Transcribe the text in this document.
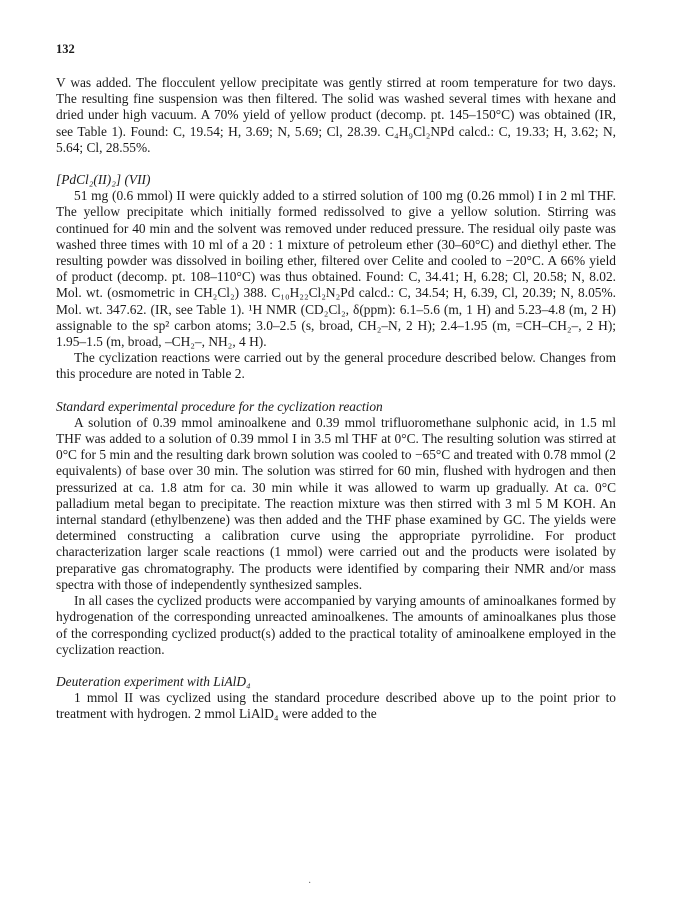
132

V was added. The flocculent yellow precipitate was gently stirred at room temperature for two days. The resulting fine suspension was then filtered. The solid was washed several times with hexane and dried under high vacuum. A 70% yield of yellow product (decomp. pt. 145–150°C) was obtained (IR, see Table 1). Found: C, 19.54; H, 3.69; N, 5.69; Cl, 28.39. C₄H₉Cl₂NPd calcd.: C, 19.33; H, 3.62; N, 5.64; Cl, 28.55%.

[PdCl₂(II)₂] (VII)

51 mg (0.6 mmol) II were quickly added to a stirred solution of 100 mg (0.26 mmol) I in 2 ml THF. The yellow precipitate which initially formed redissolved to give a yellow solution. Stirring was continued for 40 min and the solvent was removed under reduced pressure. The residual oily paste was washed three times with 10 ml of a 20 : 1 mixture of petroleum ether (30–60°C) and diethyl ether. The resulting powder was dissolved in boiling ether, filtered over Celite and cooled to −20°C. A 66% yield of product (decomp. pt. 108–110°C) was thus obtained. Found: C, 34.41; H, 6.28; Cl, 20.58; N, 8.02. Mol. wt. (osmometric in CH₂Cl₂) 388. C₁₀H₂₂Cl₂N₂Pd calcd.: C, 34.54; H, 6.39, Cl, 20.39; N, 8.05%. Mol. wt. 347.62. (IR, see Table 1). ¹H NMR (CD₂Cl₂, δ(ppm): 6.1–5.6 (m, 1 H) and 5.23–4.8 (m, 2 H) assignable to the sp² carbon atoms; 3.0–2.5 (s, broad, CH₂–N, 2 H); 2.4–1.95 (m, =CH–CH₂–, 2 H); 1.95–1.5 (m, broad, –CH₂–, NH₂, 4 H).

The cyclization reactions were carried out by the general procedure described below. Changes from this procedure are noted in Table 2.

Standard experimental procedure for the cyclization reaction

A solution of 0.39 mmol aminoalkene and 0.39 mmol trifluoromethane sulphonic acid, in 1.5 ml THF was added to a solution of 0.39 mmol I in 3.5 ml THF at 0°C. The resulting solution was stirred at 0°C for 5 min and the resulting dark brown solution was cooled to −65°C and treated with 0.78 mmol (2 equivalents) of base over 30 min. The solution was stirred for 60 min, flushed with hydrogen and then pressurized at ca. 1.8 atm for ca. 30 min while it was allowed to warm up gradually. At ca. 0°C palladium metal began to precipitate. The reaction mixture was then stirred with 3 ml 5 M KOH. An internal standard (ethylbenzene) was then added and the THF phase examined by GC. The yields were determined constructing a calibration curve using the appropriate pyrrolidine. For product characterization larger scale reactions (1 mmol) were carried out and the products were isolated by preparative gas chromatography. The products were identified by comparing their NMR and/or mass spectra with those of independently synthesized samples.

In all cases the cyclized products were accompanied by varying amounts of aminoalkanes formed by hydrogenation of the corresponding unreacted aminoalkenes. The amounts of aminoalkanes plus those of the corresponding cyclized product(s) added to the practical totality of aminoalkene employed in the cyclization reaction.

Deuteration experiment with LiAlD₄

1 mmol II was cyclized using the standard procedure described above up to the point prior to treatment with hydrogen. 2 mmol LiAlD₄ were added to the

·
